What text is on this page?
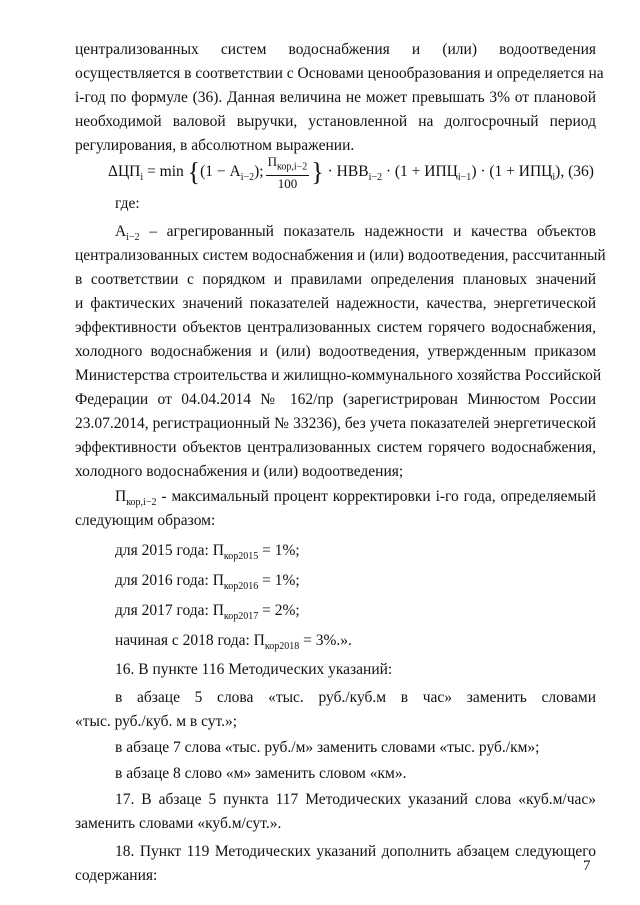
централизованных систем водоснабжения и (или) водоотведения
осуществляется в соответствии с Основами ценообразования и определяется на
i-год по формуле (36). Данная величина не может превышать 3% от плановой
необходимой валовой выручки, установленной на долгосрочный период
регулирования, в абсолютном выражении.
$\Delta ЦП_i = \min \{(1 - А_{i-2})$; $\frac{П_{кор,i-2}}{100}$ } · $НВВ_{i-2} \cdot (1 + ИПЦ_{i-1}) \cdot (1 + ИПЦ_i)$, (36)
где:
$А_{i-2}$ – агрегированный показатель надежности и качества объектов
централизованных систем водоснабжения и (или) водоотведения, рассчитанный
в соответствии с порядком и правилами определения плановых значений
и фактических значений показателей надежности, качества, энергетической
эффективности объектов централизованных систем горячего водоснабжения,
холодного водоснабжения и (или) водоотведения, утвержденным приказом
Министерства строительства и жилищно-коммунального хозяйства Российской
Федерации от 04.04.2014 № 162/пр (зарегистрирован Минюстом России
23.07.2014, регистрационный № 33236), без учета показателей энергетической
эффективности объектов централизованных систем горячего водоснабжения,
холодного водоснабжения и (или) водоотведения;
$П_{кор,i-2}$ - максимальный процент корректировки i-го года, определяемый
следующим образом:
для 2015 года: $П_{кор2015} = 1\%$;
для 2016 года: $П_{кор2016} = 1\%$;
для 2017 года: $П_{кор2017} = 2\%$;
начиная с 2018 года: $П_{кор2018} = 3\%$.».
16. В пункте 116 Методических указаний:
в абзаце 5 слова «тыс. руб./куб.м в час» заменить словами
«тыс. руб./куб. м в сут.»;
в абзаце 7 слова «тыс. руб./м» заменить словами «тыс. руб./км»;
в абзаце 8 слово «м» заменить словом «км».
17. В абзаце 5 пункта 117 Методических указаний слова «куб.м/час»
заменить словами «куб.м/сут.».
18. Пункт 119 Методических указаний дополнить абзацем следующего
содержания:
7
